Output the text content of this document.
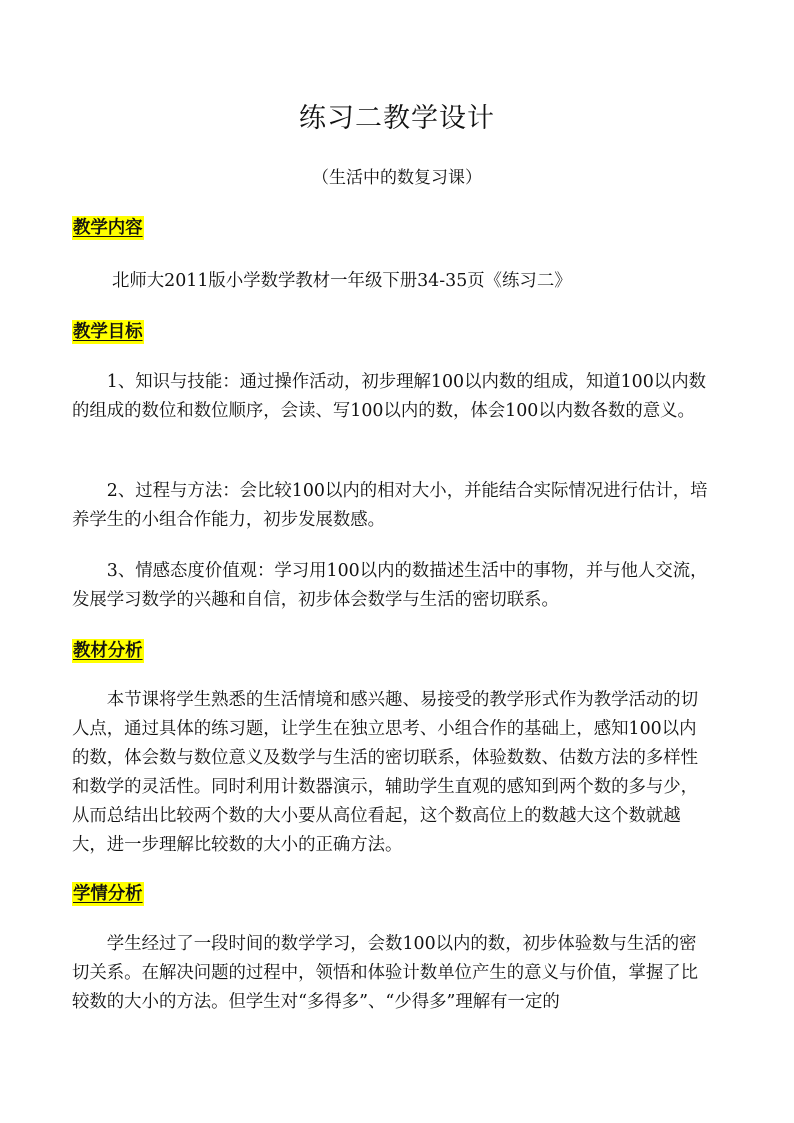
练习二教学设计

（生活中的数复习课）

教学内容

北师大2011版小学数学教材一年级下册34-35页《练习二》

教学目标

1、知识与技能：通过操作活动，初步理解100以内数的组成，知道100以内数的组成的数位和数位顺序，会读、写100以内的数，体会100以内数各数的意义。

2、过程与方法：会比较100以内的相对大小，并能结合实际情况进行估计，培养学生的小组合作能力，初步发展数感。

3、情感态度价值观：学习用100以内的数描述生活中的事物，并与他人交流，发展学习数学的兴趣和自信，初步体会数学与生活的密切联系。

教材分析

本节课将学生熟悉的生活情境和感兴趣、易接受的教学形式作为教学活动的切人点，通过具体的练习题，让学生在独立思考、小组合作的基础上，感知100以内的数，体会数与数位意义及数学与生活的密切联系，体验数数、估数方法的多样性和数学的灵活性。同时利用计数器演示，辅助学生直观的感知到两个数的多与少，从而总结出比较两个数的大小要从高位看起，这个数高位上的数越大这个数就越大，进一步理解比较数的大小的正确方法。

学情分析

学生经过了一段时间的数学学习，会数100以内的数，初步体验数与生活的密切关系。在解决问题的过程中，领悟和体验计数单位产生的意义与价值，掌握了比较数的大小的方法。但学生对“多得多”、“少得多”理解有一定的
